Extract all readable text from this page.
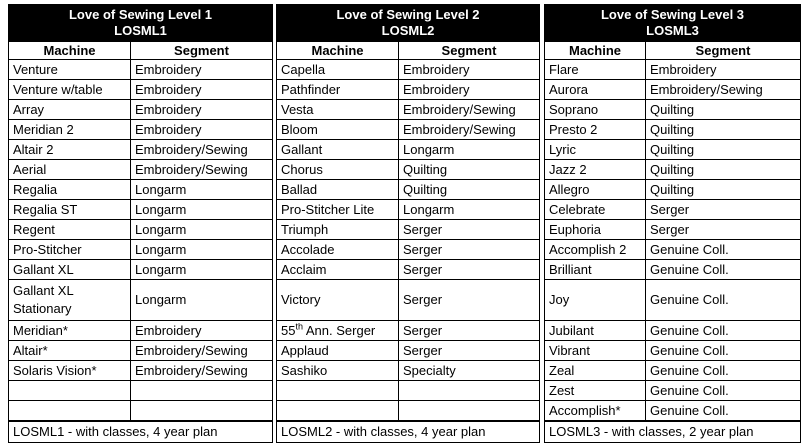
Love of Sewing Level 1
LOSML1	

Machine	Segment
Venture	Embroidery
Venture w/table	Embroidery
Array	Embroidery
Meridian 2	Embroidery
Altair 2	Embroidery/Sewing
Aerial	Embroidery/Sewing
Regalia	Longarm
Regalia ST	Longarm
Regent	Longarm
Pro-Stitcher	Longarm
Gallant XL	Longarm
Gallant XL Stationary	Longarm
Meridian*	Embroidery
Altair*	Embroidery/Sewing
Solaris Vision*	Embroidery/Sewing

LOSML1 - with classes, 4 year plan	
Love of Sewing Level 2
LOSML2	

Machine	Segment
Capella	Embroidery
Pathfinder	Embroidery
Vesta	Embroidery/Sewing
Bloom	Embroidery/Sewing
Gallant	Longarm
Chorus	Quilting
Ballad	Quilting
Pro-Stitcher Lite	Longarm
Triumph	Serger
Accolade	Serger
Acclaim	Serger
Victory	Serger
55th Ann. Serger	Serger
Applaud	Serger
Sashiko	Specialty

LOSML2 - with classes, 4 year plan	
Love of Sewing Level 3
LOSML3	

Machine	Segment
Flare	Embroidery
Aurora	Embroidery/Sewing
Soprano	Quilting
Presto 2	Quilting
Lyric	Quilting
Jazz 2	Quilting
Allegro	Quilting
Celebrate	Serger
Euphoria	Serger
Accomplish 2	Genuine Coll.
Brilliant	Genuine Coll.
Joy	Genuine Coll.
Jubilant	Genuine Coll.
Vibrant	Genuine Coll.
Zeal	Genuine Coll.
Zest	Genuine Coll.
Accomplish*	Genuine Coll.
LOSML3 - with classes, 2 year plan	
